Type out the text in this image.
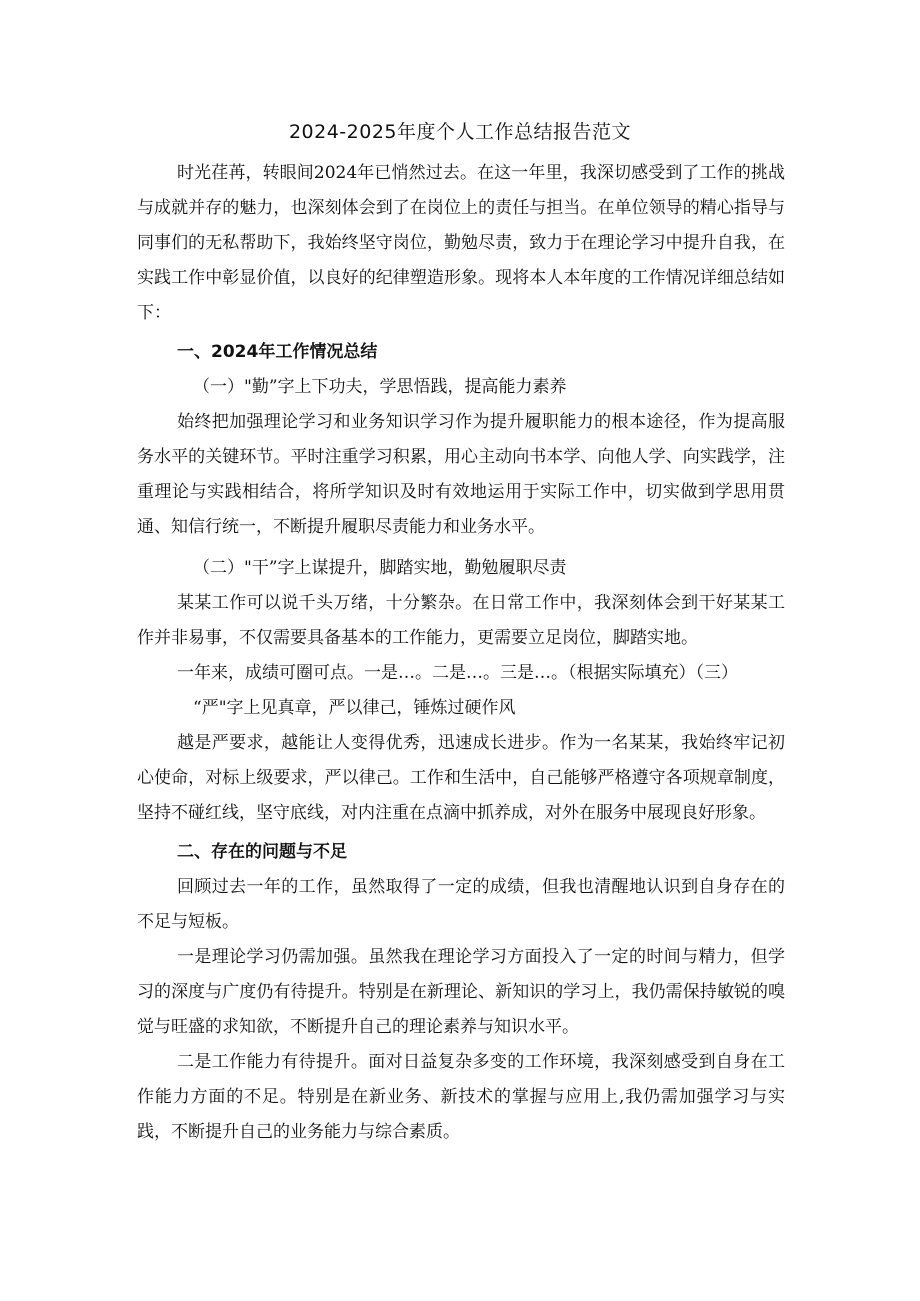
2024-2025年度个人工作总结报告范文

时光荏苒，转眼间2024年已悄然过去。在这一年里，我深切感受到了工作的挑战与成就并存的魅力，也深刻体会到了在岗位上的责任与担当。在单位领导的精心指导与同事们的无私帮助下，我始终坚守岗位，勤勉尽责，致力于在理论学习中提升自我，在实践工作中彰显价值，以良好的纪律塑造形象。现将本人本年度的工作情况详细总结如下：

一、2024年工作情况总结

（一）"勤”字上下功夫，学思悟践，提高能力素养

始终把加强理论学习和业务知识学习作为提升履职能力的根本途径，作为提高服务水平的关键环节。平时注重学习积累，用心主动向书本学、向他人学、向实践学，注重理论与实践相结合，将所学知识及时有效地运用于实际工作中，切实做到学思用贯通、知信行统一，不断提升履职尽责能力和业务水平。

（二）"干”字上谋提升，脚踏实地，勤勉履职尽责

某某工作可以说千头万绪，十分繁杂。在日常工作中，我深刻体会到干好某某工作并非易事，不仅需要具备基本的工作能力，更需要立足岗位，脚踏实地。

一年来，成绩可圈可点。一是…。二是…。三是…。（根据实际填充）（三）

“严"字上见真章，严以律己，锤炼过硬作风

越是严要求，越能让人变得优秀，迅速成长进步。作为一名某某，我始终牢记初心使命，对标上级要求，严以律己。工作和生活中，自己能够严格遵守各项规章制度，坚持不碰红线，坚守底线，对内注重在点滴中抓养成，对外在服务中展现良好形象。

二、存在的问题与不足

回顾过去一年的工作，虽然取得了一定的成绩，但我也清醒地认识到自身存在的不足与短板。

一是理论学习仍需加强。虽然我在理论学习方面投入了一定的时间与精力，但学习的深度与广度仍有待提升。特别是在新理论、新知识的学习上，我仍需保持敏锐的嗅觉与旺盛的求知欲，不断提升自己的理论素养与知识水平。

二是工作能力有待提升。面对日益复杂多变的工作环境，我深刻感受到自身在工作能力方面的不足。特别是在新业务、新技术的掌握与应用上,我仍需加强学习与实践，不断提升自己的业务能力与综合素质。
